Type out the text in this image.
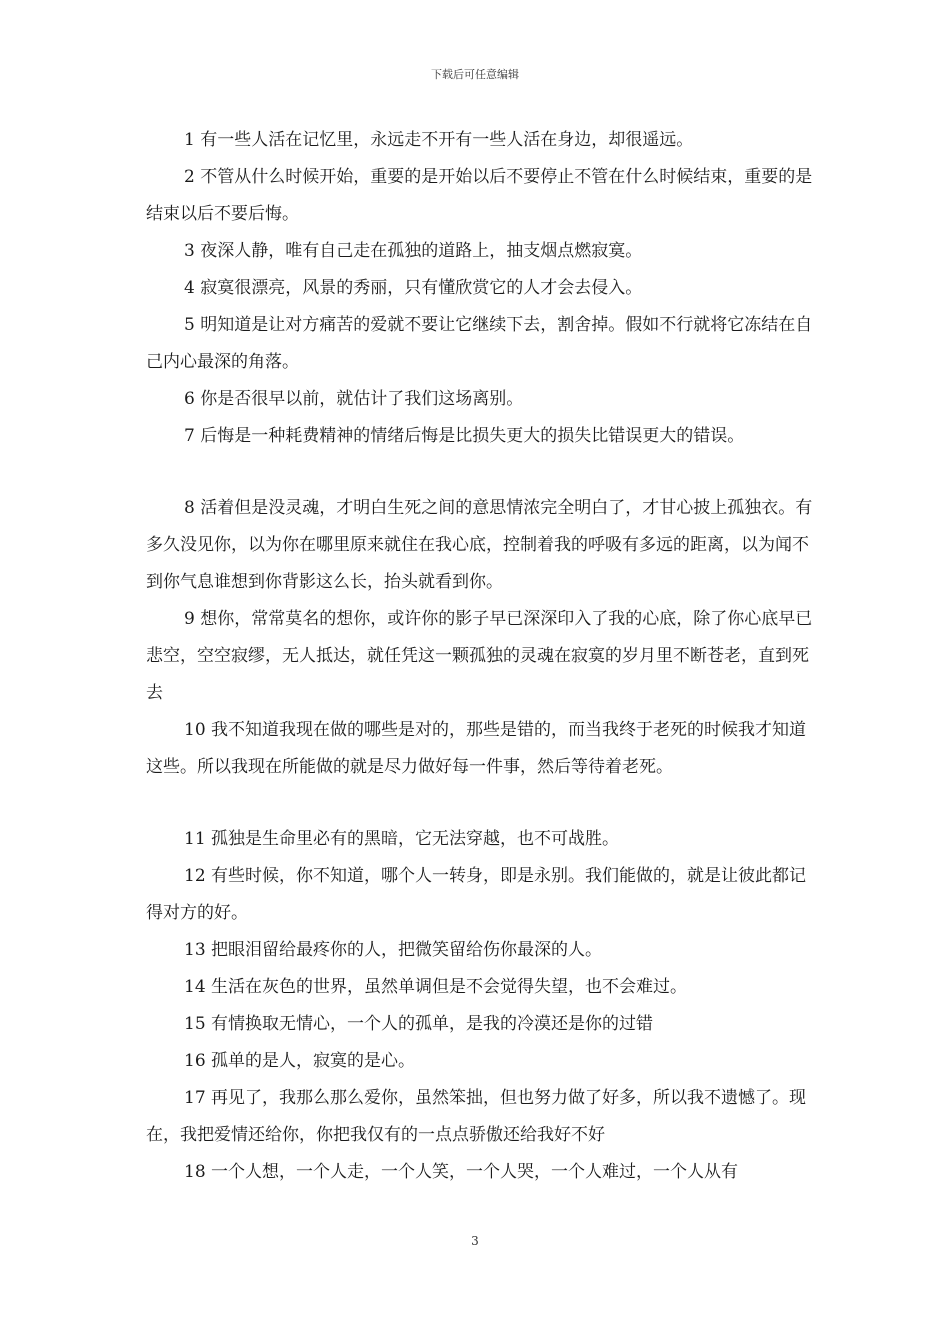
下载后可任意编辑

1 有一些人活在记忆里，永远走不开有一些人活在身边，却很遥远。

2 不管从什么时候开始，重要的是开始以后不要停止不管在什么时候结束，重要的是结束以后不要后悔。

3 夜深人静，唯有自己走在孤独的道路上，抽支烟点燃寂寞。

4 寂寞很漂亮，风景的秀丽，只有懂欣赏它的人才会去侵入。

5 明知道是让对方痛苦的爱就不要让它继续下去，割舍掉。假如不行就将它冻结在自己内心最深的角落。

6 你是否很早以前，就估计了我们这场离别。

7 后悔是一种耗费精神的情绪后悔是比损失更大的损失比错误更大的错误。

8 活着但是没灵魂，才明白生死之间的意思情浓完全明白了，才甘心披上孤独衣。有多久没见你，以为你在哪里原来就住在我心底，控制着我的呼吸有多远的距离，以为闻不到你气息谁想到你背影这么长，抬头就看到你。

9 想你，常常莫名的想你，或许你的影子早已深深印入了我的心底，除了你心底早已悲空，空空寂缪，无人抵达，就任凭这一颗孤独的灵魂在寂寞的岁月里不断苍老，直到死去

10 我不知道我现在做的哪些是对的，那些是错的，而当我终于老死的时候我才知道这些。所以我现在所能做的就是尽力做好每一件事，然后等待着老死。

11 孤独是生命里必有的黑暗，它无法穿越，也不可战胜。

12 有些时候，你不知道，哪个人一转身，即是永别。我们能做的，就是让彼此都记得对方的好。

13 把眼泪留给最疼你的人，把微笑留给伤你最深的人。

14 生活在灰色的世界，虽然单调但是不会觉得失望，也不会难过。

15 有情换取无情心，一个人的孤单，是我的冷漠还是你的过错

16 孤单的是人，寂寞的是心。

17 再见了，我那么那么爱你，虽然笨拙，但也努力做了好多，所以我不遗憾了。现在，我把爱情还给你，你把我仅有的一点点骄傲还给我好不好

18 一个人想，一个人走，一个人笑，一个人哭，一个人难过，一个人从有

3
